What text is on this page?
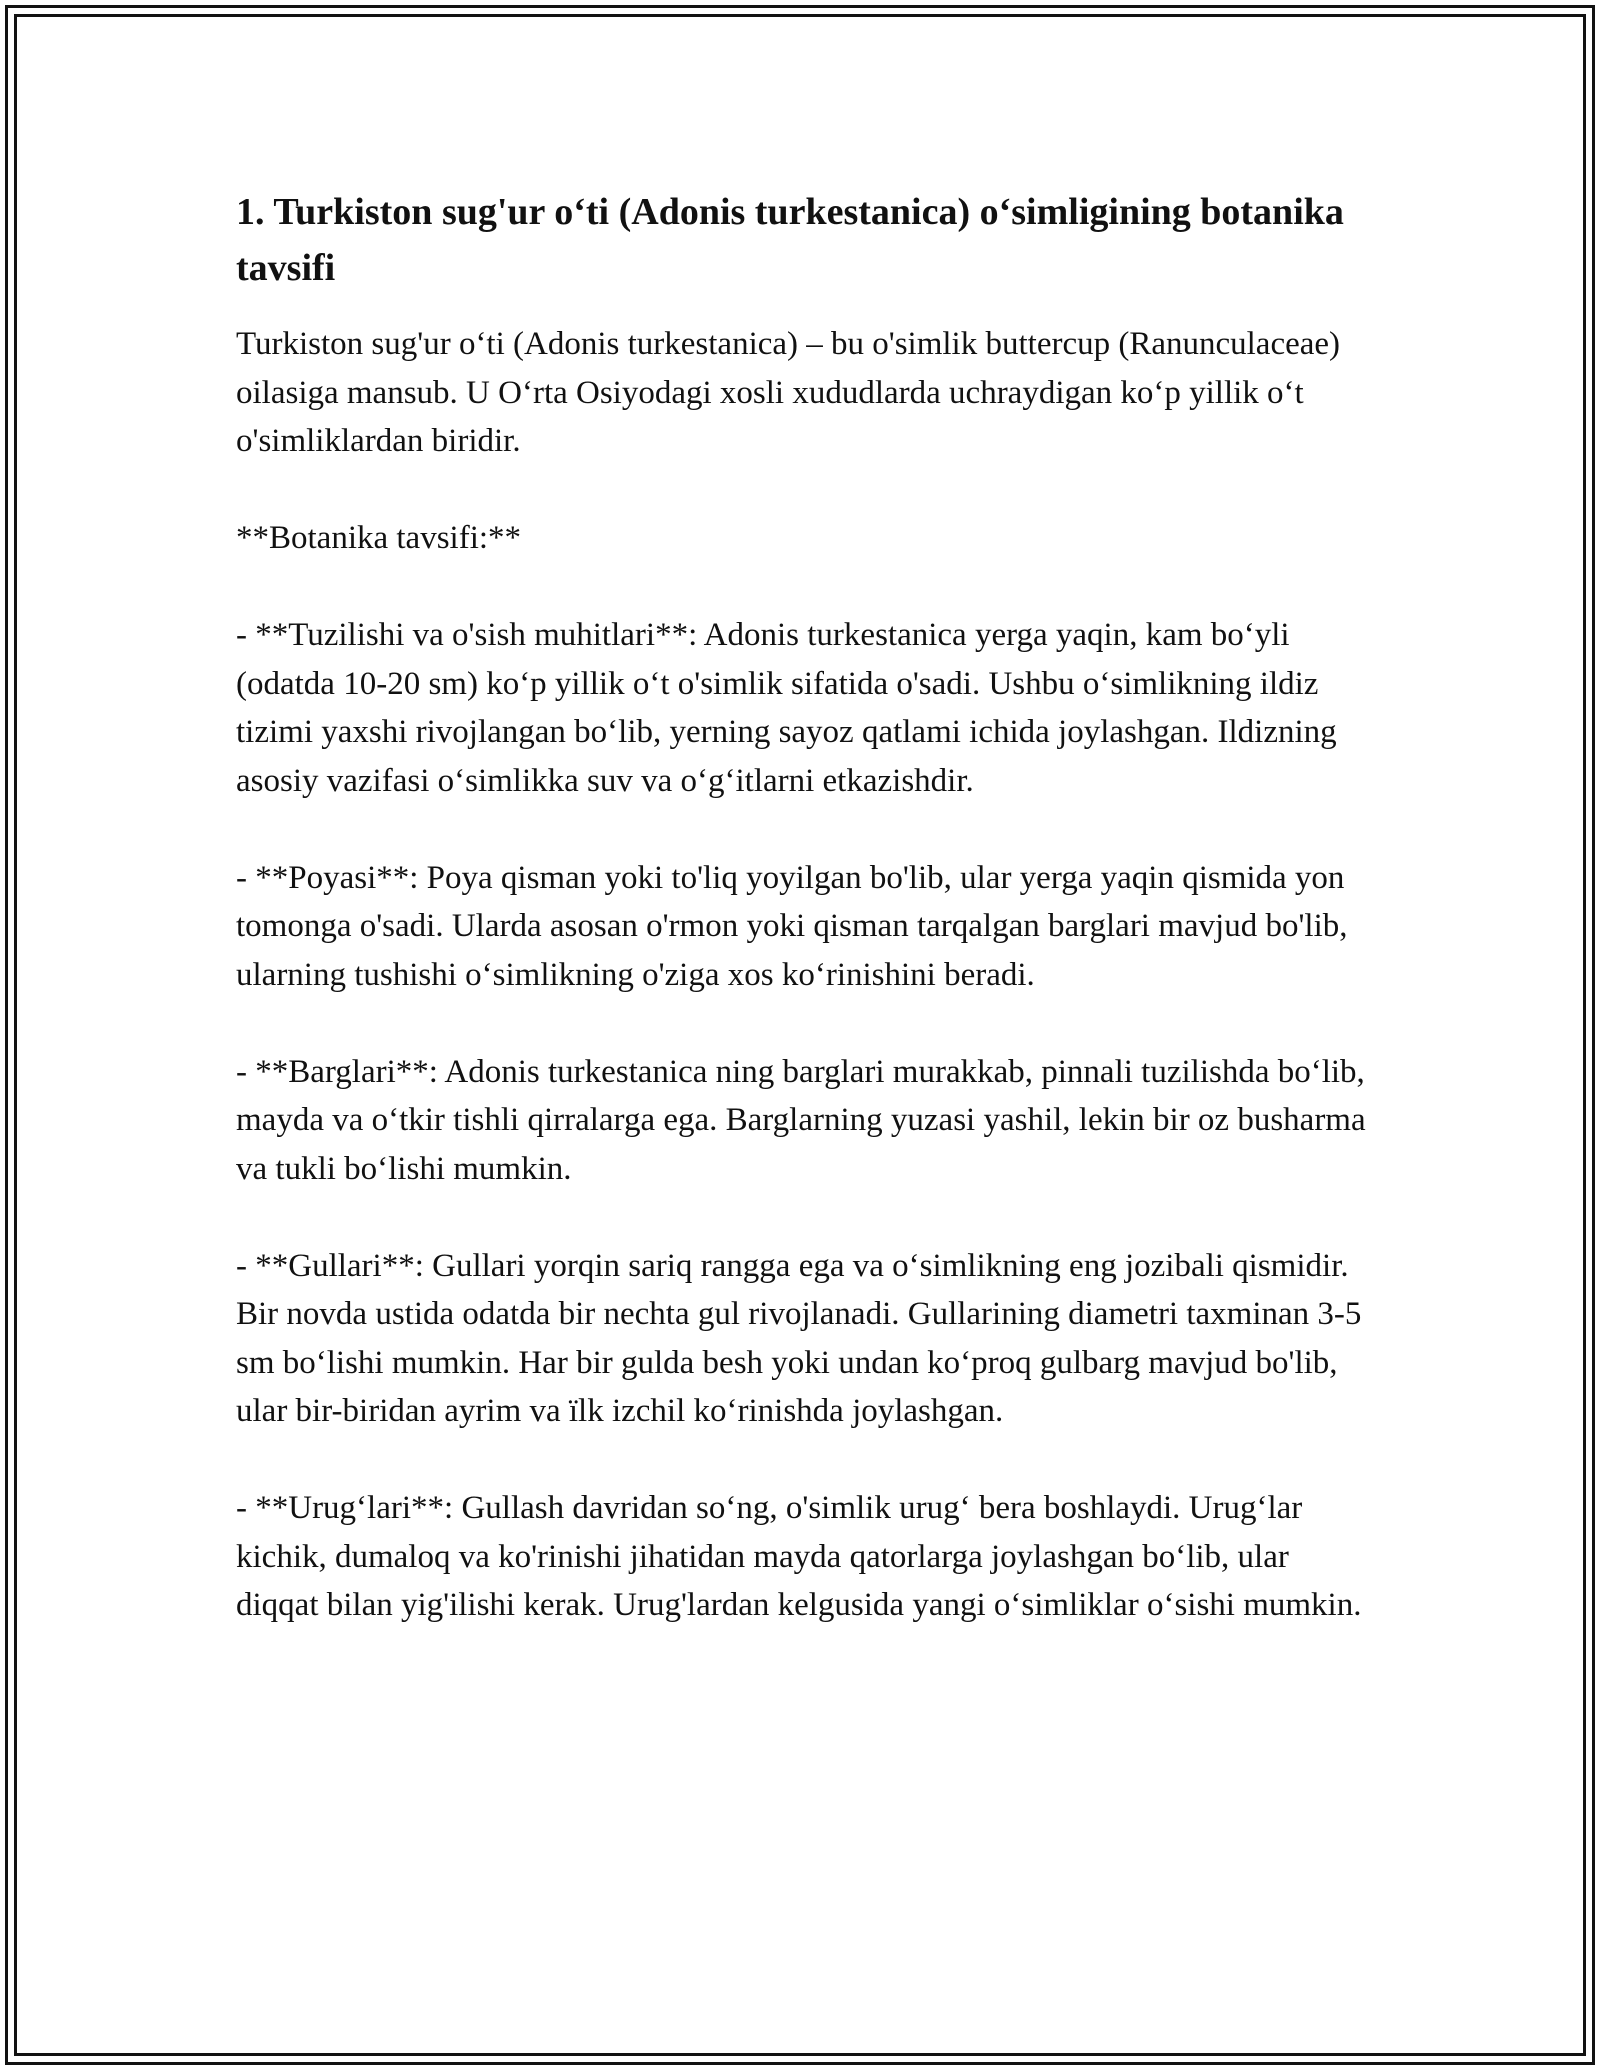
1. Turkiston sug'ur o‘ti (Adonis turkestanica) o‘simligining botanika tavsifi

Turkiston sug'ur o‘ti (Adonis turkestanica) – bu o'simlik buttercup (Ranunculaceae) oilasiga mansub. U O‘rta Osiyodagi xosli xududlarda uchraydigan ko‘p yillik o‘t o'simliklardan biridir.

**Botanika tavsifi:**

- **Tuzilishi va o'sish muhitlari**: Adonis turkestanica yerga yaqin, kam bo‘yli (odatda 10-20 sm) ko‘p yillik o‘t o'simlik sifatida o'sadi. Ushbu o‘simlikning ildiz tizimi yaxshi rivojlangan bo‘lib, yerning sayoz qatlami ichida joylashgan. Ildizning asosiy vazifasi o‘simlikka suv va o‘g‘itlarni etkazishdir.

- **Poyasi**: Poya qisman yoki to'liq yoyilgan bo'lib, ular yerga yaqin qismida yon tomonga o'sadi. Ularda asosan o'rmon yoki qisman tarqalgan barglari mavjud bo'lib, ularning tushishi o‘simlikning o'ziga xos ko‘rinishini beradi.

- **Barglari**: Adonis turkestanica ning barglari murakkab, pinnali tuzilishda bo‘lib, mayda va o‘tkir tishli qirralarga ega. Barglarning yuzasi yashil, lekin bir oz busharma va tukli bo‘lishi mumkin.

- **Gullari**: Gullari yorqin sariq rangga ega va o‘simlikning eng jozibali qismidir. Bir novda ustida odatda bir nechta gul rivojlanadi. Gullarining diametri taxminan 3-5 sm bo‘lishi mumkin. Har bir gulda besh yoki undan ko‘proq gulbarg mavjud bo'lib, ular bir-biridan ayrim va ïlk izchil ko‘rinishda joylashgan.

- **Urug‘lari**: Gullash davridan so‘ng, o'simlik urug‘ bera boshlaydi. Urug‘lar kichik, dumaloq va ko'rinishi jihatidan mayda qatorlarga joylashgan bo‘lib, ular diqqat bilan yig'ilishi kerak. Urug'lardan kelgusida yangi o‘simliklar o‘sishi mumkin.
